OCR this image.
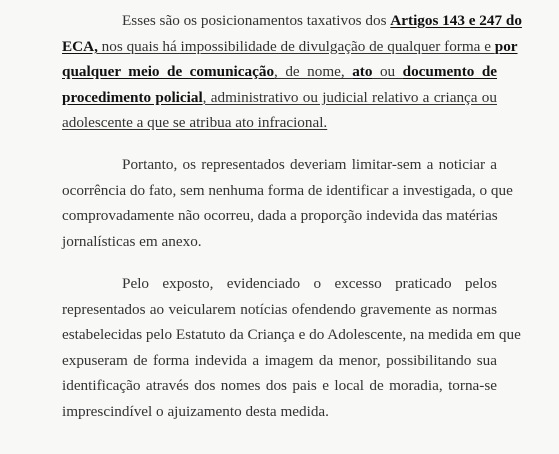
Esses são os posicionamentos taxativos dos Artigos 143 e 247 do
ECA, nos quais há impossibilidade de divulgação de qualquer forma e por
qualquer meio de comunicação, de nome, ato ou documento de
procedimento policial, administrativo ou judicial relativo a criança ou
adolescente a que se atribua ato infracional.
Portanto, os representados deveriam limitar-sem a noticiar a
ocorrência do fato, sem nenhuma forma de identificar a investigada, o que
comprovadamente não ocorreu, dada a proporção indevida das matérias
jornalísticas em anexo.
Pelo exposto, evidenciado o excesso praticado pelos
representados ao veicularem notícias ofendendo gravemente as normas
estabelecidas pelo Estatuto da Criança e do Adolescente, na medida em que
expuseram de forma indevida a imagem da menor, possibilitando sua
identificação através dos nomes dos pais e local de moradia, torna-se
imprescindível o ajuizamento desta medida.
